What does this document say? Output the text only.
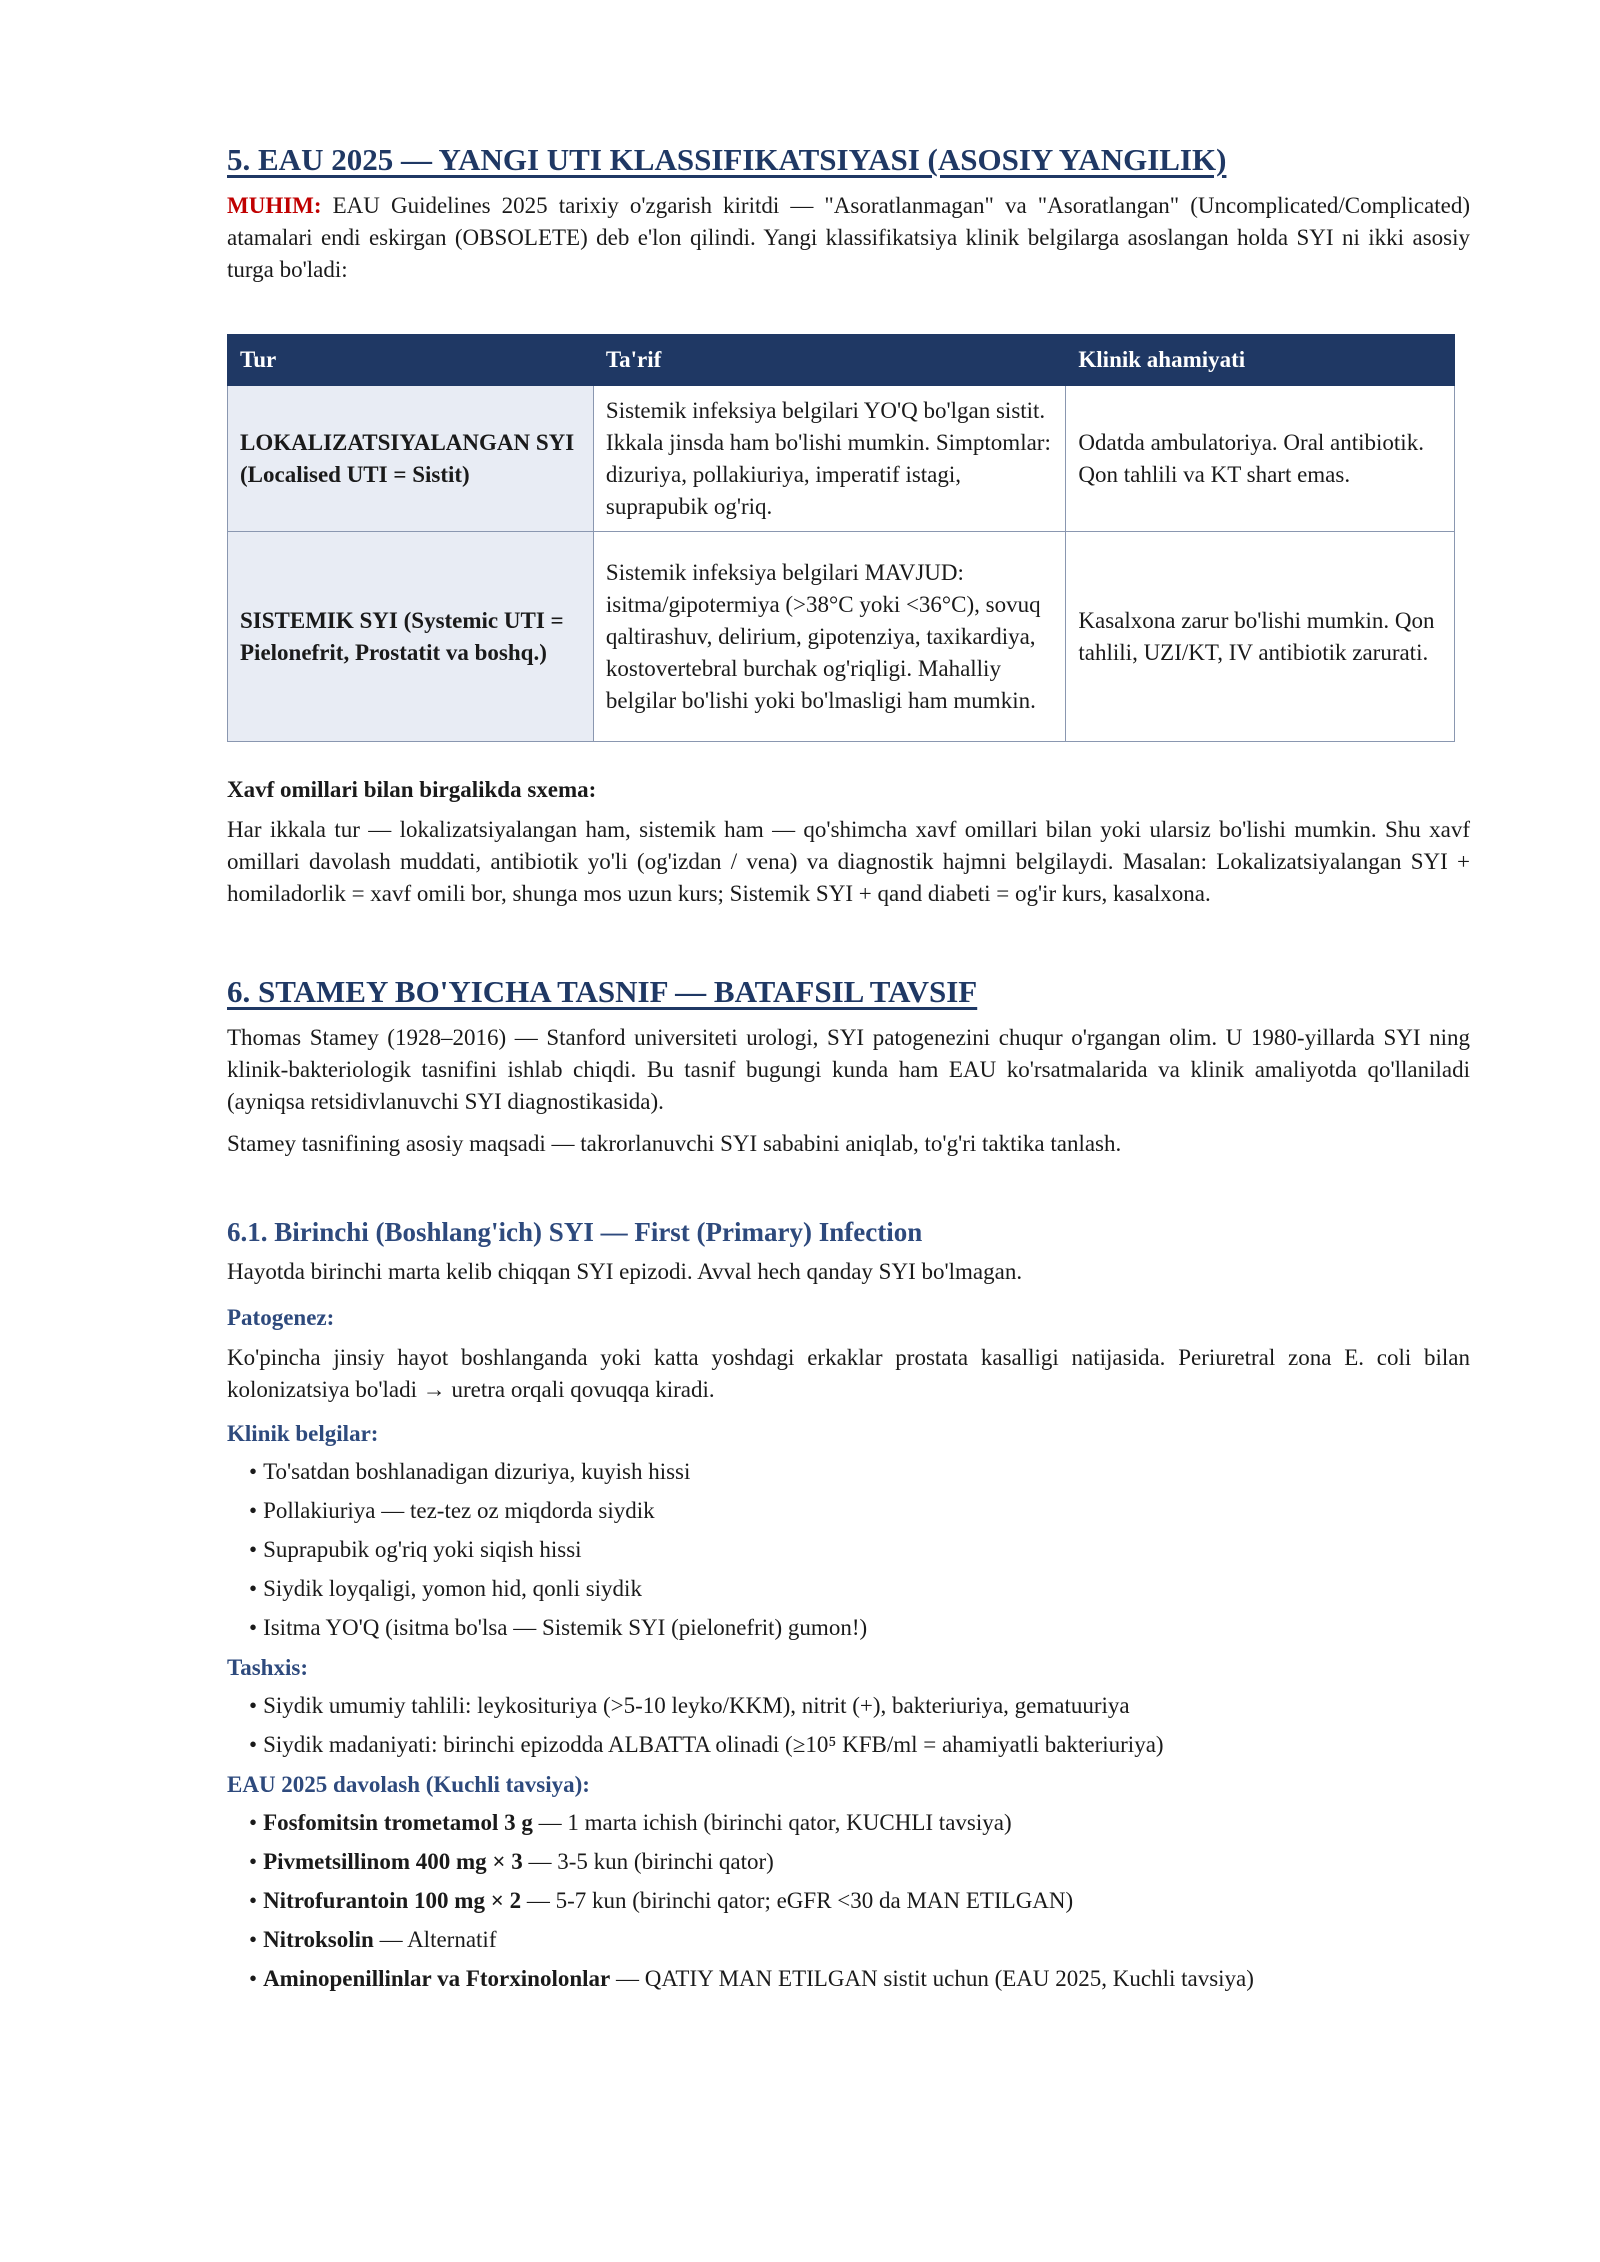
5. EAU 2025 — YANGI UTI KLASSIFIKATSIYASI (ASOSIY YANGILIK)

MUHIM: EAU Guidelines 2025 tarixiy o'zgarish kiritdi — "Asoratlanmagan" va "Asoratlangan" (Uncomplicated/Complicated) atamalari endi eskirgan (OBSOLETE) deb e'lon qilindi. Yangi klassifikatsiya klinik belgilarga asoslangan holda SYI ni ikki asosiy turga bo'ladi:

Tur	Ta'rif	Klinik ahamiyati
LOKALIZATSIYALANGAN SYI (Localised UTI = Sistit)	Sistemik infeksiya belgilari YO'Q bo'lgan sistit. Ikkala jinsda ham bo'lishi mumkin. Simptomlar: dizuriya, pollakiuriya, imperatif istagi, suprapubik og'riq.	Odatda ambulatoriya. Oral antibiotik. Qon tahlili va KT shart emas.
SISTEMIK SYI (Systemic UTI = Pielonefrit, Prostatit va boshq.)	Sistemik infeksiya belgilari MAVJUD: isitma/gipotermiya (>38°C yoki <36°C), sovuq qaltirashuv, delirium, gipotenziya, taxikardiya, kostovertebral burchak og'riqligi. Mahalliy belgilar bo'lishi yoki bo'lmasligi ham mumkin.	Kasalxona zarur bo'lishi mumkin. Qon tahlili, UZI/KT, IV antibiotik zarurati.

Xavf omillari bilan birgalikda sxema:

Har ikkala tur — lokalizatsiyalangan ham, sistemik ham — qo'shimcha xavf omillari bilan yoki ularsiz bo'lishi mumkin. Shu xavf omillari davolash muddati, antibiotik yo'li (og'izdan / vena) va diagnostik hajmni belgilaydi. Masalan: Lokalizatsiyalangan SYI + homiladorlik = xavf omili bor, shunga mos uzun kurs; Sistemik SYI + qand diabeti = og'ir kurs, kasalxona.

6. STAMEY BO'YICHA TASNIF — BATAFSIL TAVSIF

Thomas Stamey (1928–2016) — Stanford universiteti urologi, SYI patogenezini chuqur o'rgangan olim. U 1980-yillarda SYI ning klinik-bakteriologik tasnifini ishlab chiqdi. Bu tasnif bugungi kunda ham EAU ko'rsatmalarida va klinik amaliyotda qo'llaniladi (ayniqsa retsidivlanuvchi SYI diagnostikasida).

Stamey tasnifining asosiy maqsadi — takrorlanuvchi SYI sababini aniqlab, to'g'ri taktika tanlash.

6.1. Birinchi (Boshlang'ich) SYI — First (Primary) Infection

Hayotda birinchi marta kelib chiqqan SYI epizodi. Avval hech qanday SYI bo'lmagan.

Patogenez:

Ko'pincha jinsiy hayot boshlanganda yoki katta yoshdagi erkaklar prostata kasalligi natijasida. Periuretral zona E. coli bilan kolonizatsiya bo'ladi → uretra orqali qovuqqa kiradi.

Klinik belgilar:
• To'satdan boshlanadigan dizuriya, kuyish hissi
• Pollakiuriya — tez-tez oz miqdorda siydik
• Suprapubik og'riq yoki siqish hissi
• Siydik loyqaligi, yomon hid, qonli siydik
• Isitma YO'Q (isitma bo'lsa — Sistemik SYI (pielonefrit) gumon!)
Tashxis:
• Siydik umumiy tahlili: leykosituriya (>5-10 leyko/KKM), nitrit (+), bakteriuriya, gematuuriya
• Siydik madaniyati: birinchi epizodda ALBATTA olinadi (≥10⁵ KFB/ml = ahamiyatli bakteriuriya)
EAU 2025 davolash (Kuchli tavsiya):
• Fosfomitsin trometamol 3 g — 1 marta ichish (birinchi qator, KUCHLI tavsiya)
• Pivmetsillinom 400 mg × 3 — 3-5 kun (birinchi qator)
• Nitrofurantoin 100 mg × 2 — 5-7 kun (birinchi qator; eGFR <30 da MAN ETILGAN)
• Nitroksolin — Alternatif
• Aminopenillinlar va Ftorxinolonlar — QATIY MAN ETILGAN sistit uchun (EAU 2025, Kuchli tavsiya)
